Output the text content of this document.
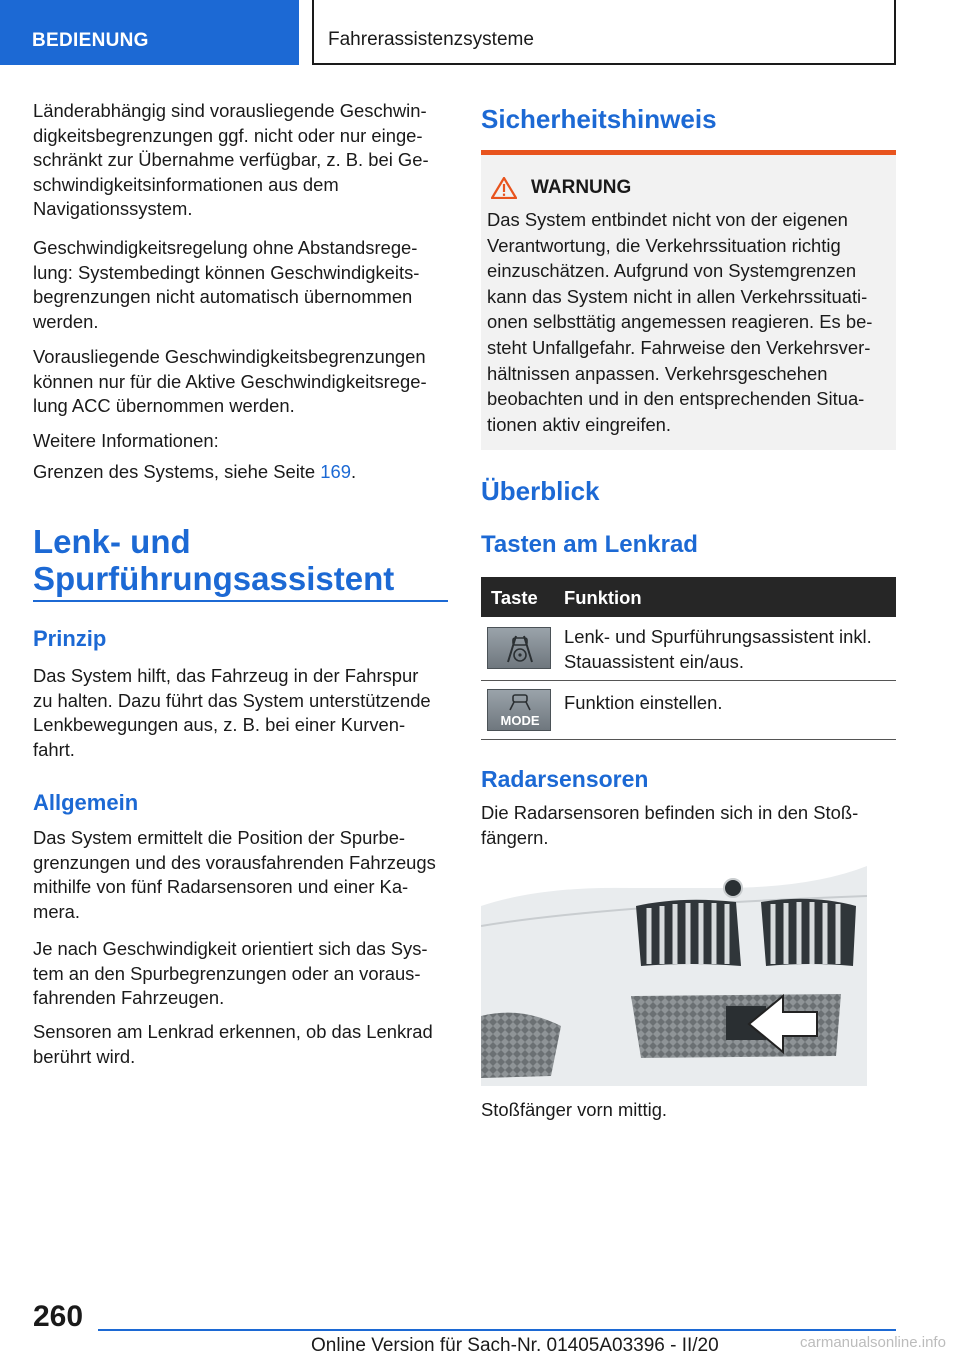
BEDIENUNG	Fahrerassistenzsysteme

Länderabhängig sind vorausliegende Geschwin-
digkeitsbegrenzungen ggf. nicht oder nur einge-
schränkt zur Übernahme verfügbar, z. B. bei Ge-
schwindigkeitsinformationen aus dem
Navigationssystem.

Geschwindigkeitsregelung ohne Abstandsrege-
lung: Systembedingt können Geschwindigkeits-
begrenzungen nicht automatisch übernommen
werden.

Vorausliegende Geschwindigkeitsbegrenzungen
können nur für die Aktive Geschwindigkeitsrege-
lung ACC übernommen werden.

Weitere Informationen:

Grenzen des Systems, siehe Seite 169.

Lenk- und
Spurführungsassistent
Prinzip

Das System hilft, das Fahrzeug in der Fahrspur
zu halten. Dazu führt das System unterstützende
Lenkbewegungen aus, z. B. bei einer Kurven-
fahrt.

Allgemein

Das System ermittelt die Position der Spurbe-
grenzungen und des vorausfahrenden Fahrzeugs
mithilfe von fünf Radarsensoren und einer Ka-
mera.

Je nach Geschwindigkeit orientiert sich das Sys-
tem an den Spurbegrenzungen oder an voraus-
fahrenden Fahrzeugen.

Sensoren am Lenkrad erkennen, ob das Lenkrad
berührt wird.

Sicherheitshinweis
WARNUNG
Das System entbindet nicht von der eigenen
Verantwortung, die Verkehrssituation richtig
einzuschätzen. Aufgrund von Systemgrenzen
kann das System nicht in allen Verkehrssituati-
onen selbsttätig angemessen reagieren. Es be-
steht Unfallgefahr. Fahrweise den Verkehrsver-
hältnissen anpassen. Verkehrsgeschehen
beobachten und in den entsprechenden Situa-
tionen aktiv eingreifen.
Überblick
Tasten am Lenkrad
Taste Funktion
Lenk- und Spurführungsassistent inkl.
Stauassistent ein/aus.
MODE
Funktion einstellen.
Radarsensoren

Die Radarsensoren befinden sich in den Stoß-
fängern.

Stoßfänger vorn mittig.

260
Online Version für Sach-Nr. 01405A03396 - II/20	carmanualsonline.info
